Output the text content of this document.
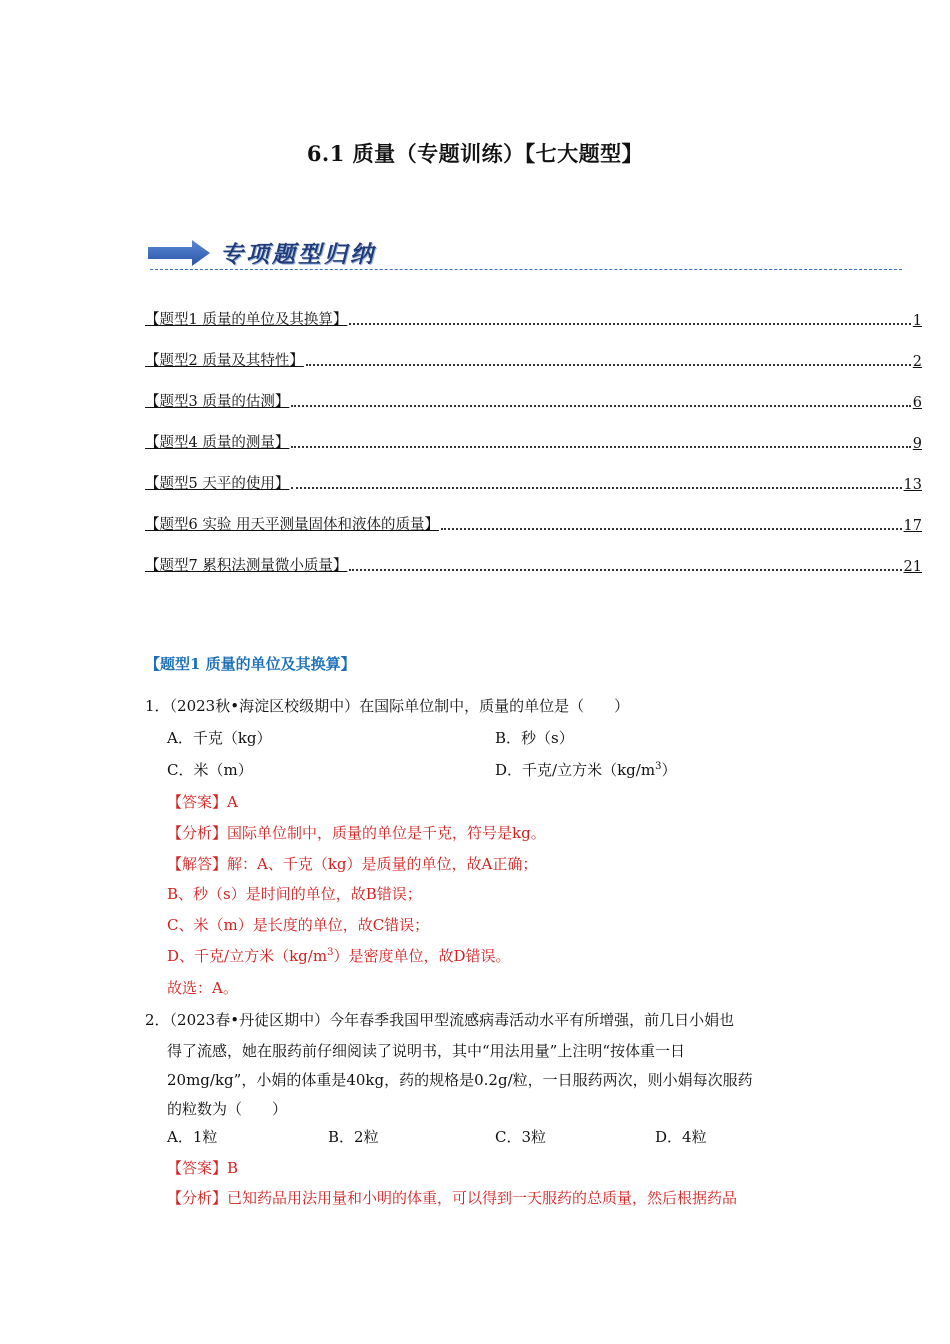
6.1 质量（专题训练）【七大题型】
专项题型归纳
【题型1 质量的单位及其换算】	1
【题型2 质量及其特性】	2
【题型3 质量的估测】	6
【题型4 质量的测量】	9
【题型5 天平的使用】	13
【题型6 实验 用天平测量固体和液体的质量】	17
【题型7 累积法测量微小质量】	21
【题型1 质量的单位及其换算】
1．（2023秋•海淀区校级期中）在国际单位制中，质量的单位是（　　）
A．千克（kg）	B．秒（s）
C．米（m）	D．千克/立方米$(kg/m^3)$
【答案】A
【分析】国际单位制中，质量的单位是千克，符号是kg。
【解答】解：A、千克（kg）是质量的单位，故A正确；
B、秒（s）是时间的单位，故B错误；
C、米（m）是长度的单位，故C错误；
D、千克/立方米$(kg/m^3)$是密度单位，故D错误。
故选：A。
2．（2023春•丹徒区期中）今年春季我国甲型流感病毒活动水平有所增强，前几日小娟也
得了流感，她在服药前仔细阅读了说明书，其中“用法用量”上注明“按体重一日
20mg/kg”，小娟的体重是40kg，药的规格是0.2g/粒，一日服药两次，则小娟每次服药
的粒数为（　　）
A．1粒	B．2粒	C．3粒	D．4粒
【答案】B
【分析】已知药品用法用量和小明的体重，可以得到一天服药的总质量，然后根据药品
